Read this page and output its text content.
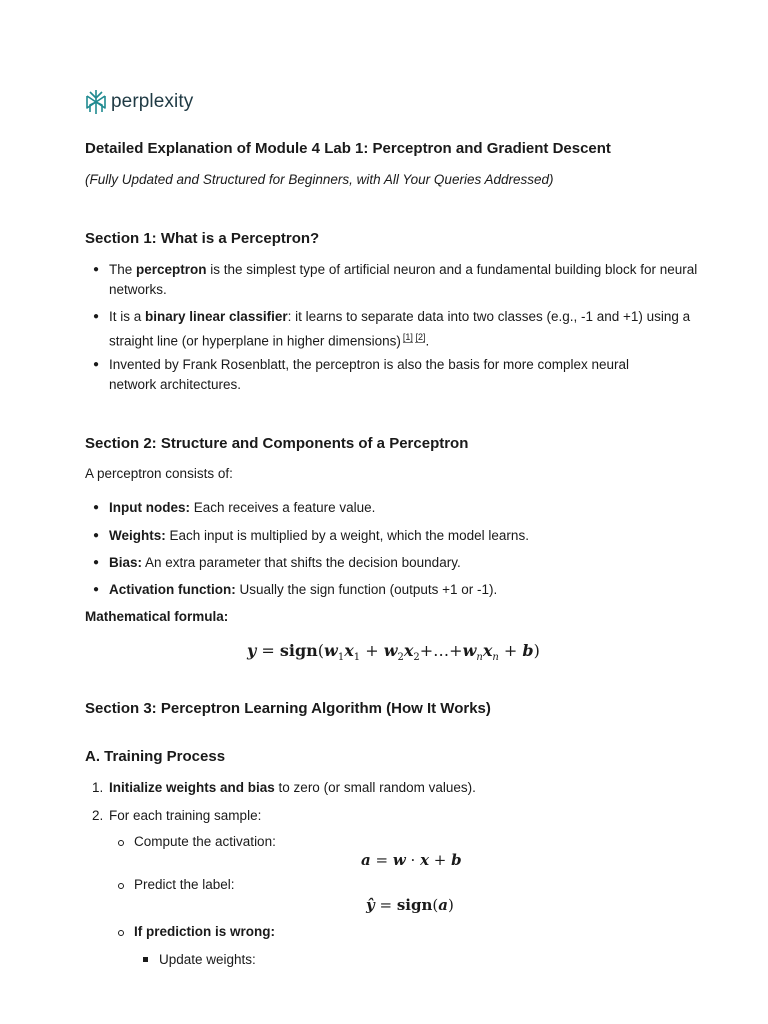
perplexity

Detailed Explanation of Module 4 Lab 1: Perceptron and Gradient Descent

(Fully Updated and Structured for Beginners, with All Your Queries Addressed)

Section 1: What is a Perceptron?

● The perceptron is the simplest type of artificial neuron and a fundamental building block for neural networks.
● It is a binary linear classifier: it learns to separate data into two classes (e.g., -1 and +1) using a straight line (or hyperplane in higher dimensions) [1] [2].
● Invented by Frank Rosenblatt, the perceptron is also the basis for more complex neural network architectures.

Section 2: Structure and Components of a Perceptron

A perceptron consists of:

● Input nodes: Each receives a feature value.
● Weights: Each input is multiplied by a weight, which the model learns.
● Bias: An extra parameter that shifts the decision boundary.
● Activation function: Usually the sign function (outputs +1 or -1).

Mathematical formula:

$y = sign(w_1x_1$ + $w_2x_2+\dots+w_nx_n + b$)

Section 3: Perceptron Learning Algorithm (How It Works)

A. Training Process

1. Initialize weights and bias to zero (or small random values).
2. For each training sample:
Compute the activation:
a = w · x + b
Predict the label:
ŷ = sign(a)
If prediction is wrong:
Update weights:
